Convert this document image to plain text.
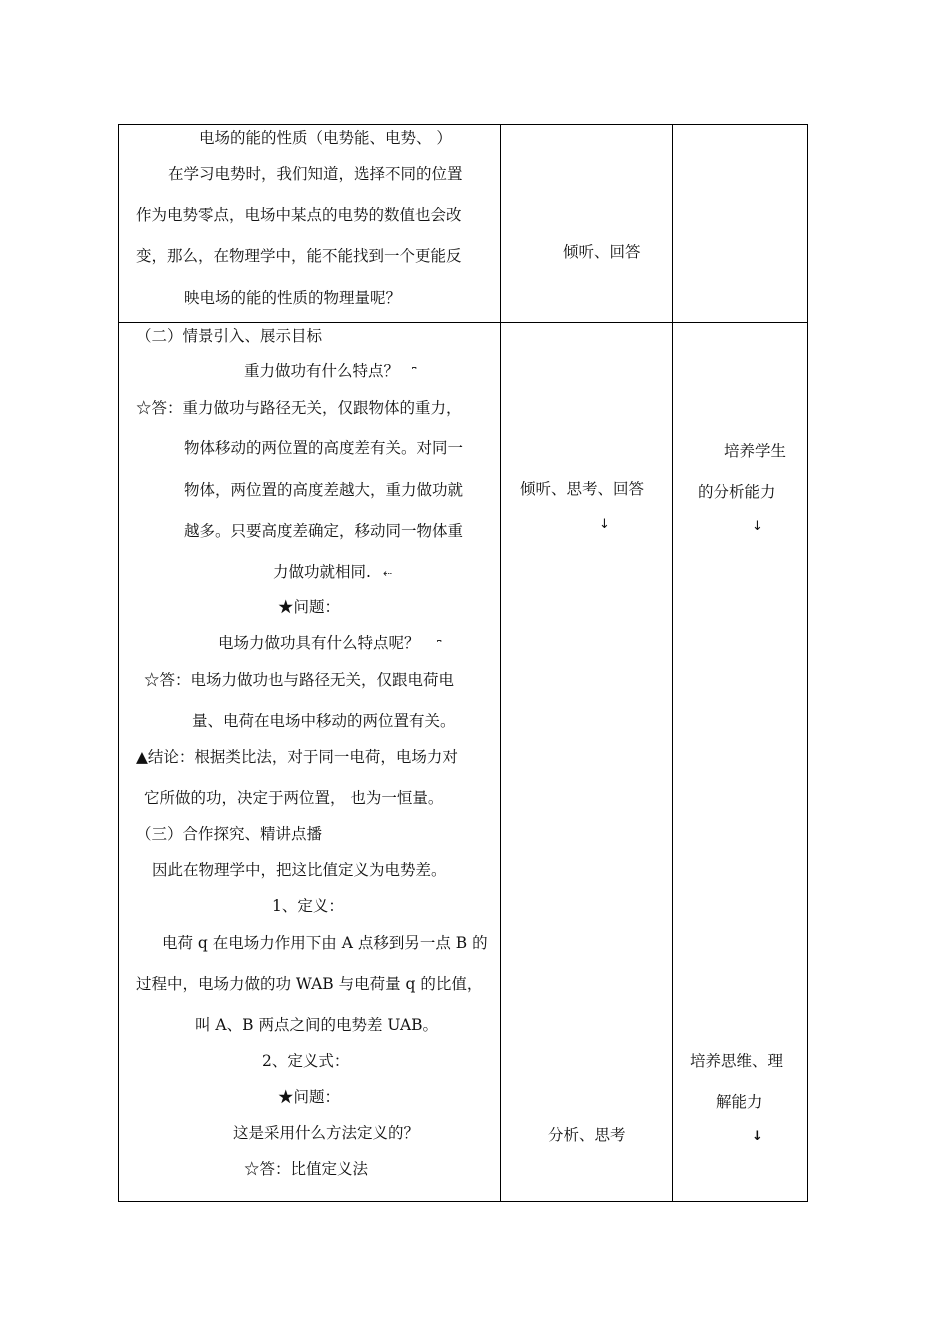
电场的能的性质（电势能、电势、 ）
在学习电势时，我们知道，选择不同的位置
作为电势零点，电场中某点的电势的数值也会改
变，那么，在物理学中，能不能找到一个更能反
映电场的能的性质的物理量呢？
倾听、回答
（二）情景引入、展示目标
重力做功有什么特点？ ⎴
☆答：重力做功与路径无关，仅跟物体的重力，
物体移动的两位置的高度差有关。对同一
物体，两位置的高度差越大，重力做功就
越多。只要高度差确定，移动同一物体重
力做功就相同. ⇠
★问题：
电场力做功具有什么特点呢？ ⎴
☆答：电场力做功也与路径无关，仅跟电荷电
量、电荷在电场中移动的两位置有关。
▲结论：根据类比法，对于同一电荷，电场力对
它所做的功，决定于两位置， 也为一恒量。
（三）合作探究、精讲点播
因此在物理学中，把这比值定义为电势差。
1、定义：
电荷 q 在电场力作用下由 A 点移到另一点 B 的
过程中，电场力做的功 WAB 与电荷量 q 的比值，
叫 A、B 两点之间的电势差 UAB。
2、定义式：
★问题：
这是采用什么方法定义的？
☆答：比值定义法
倾听、思考、回答
↓
分析、思考
培养学生
的分析能力
↓
培养思维、理
解能力
↓
